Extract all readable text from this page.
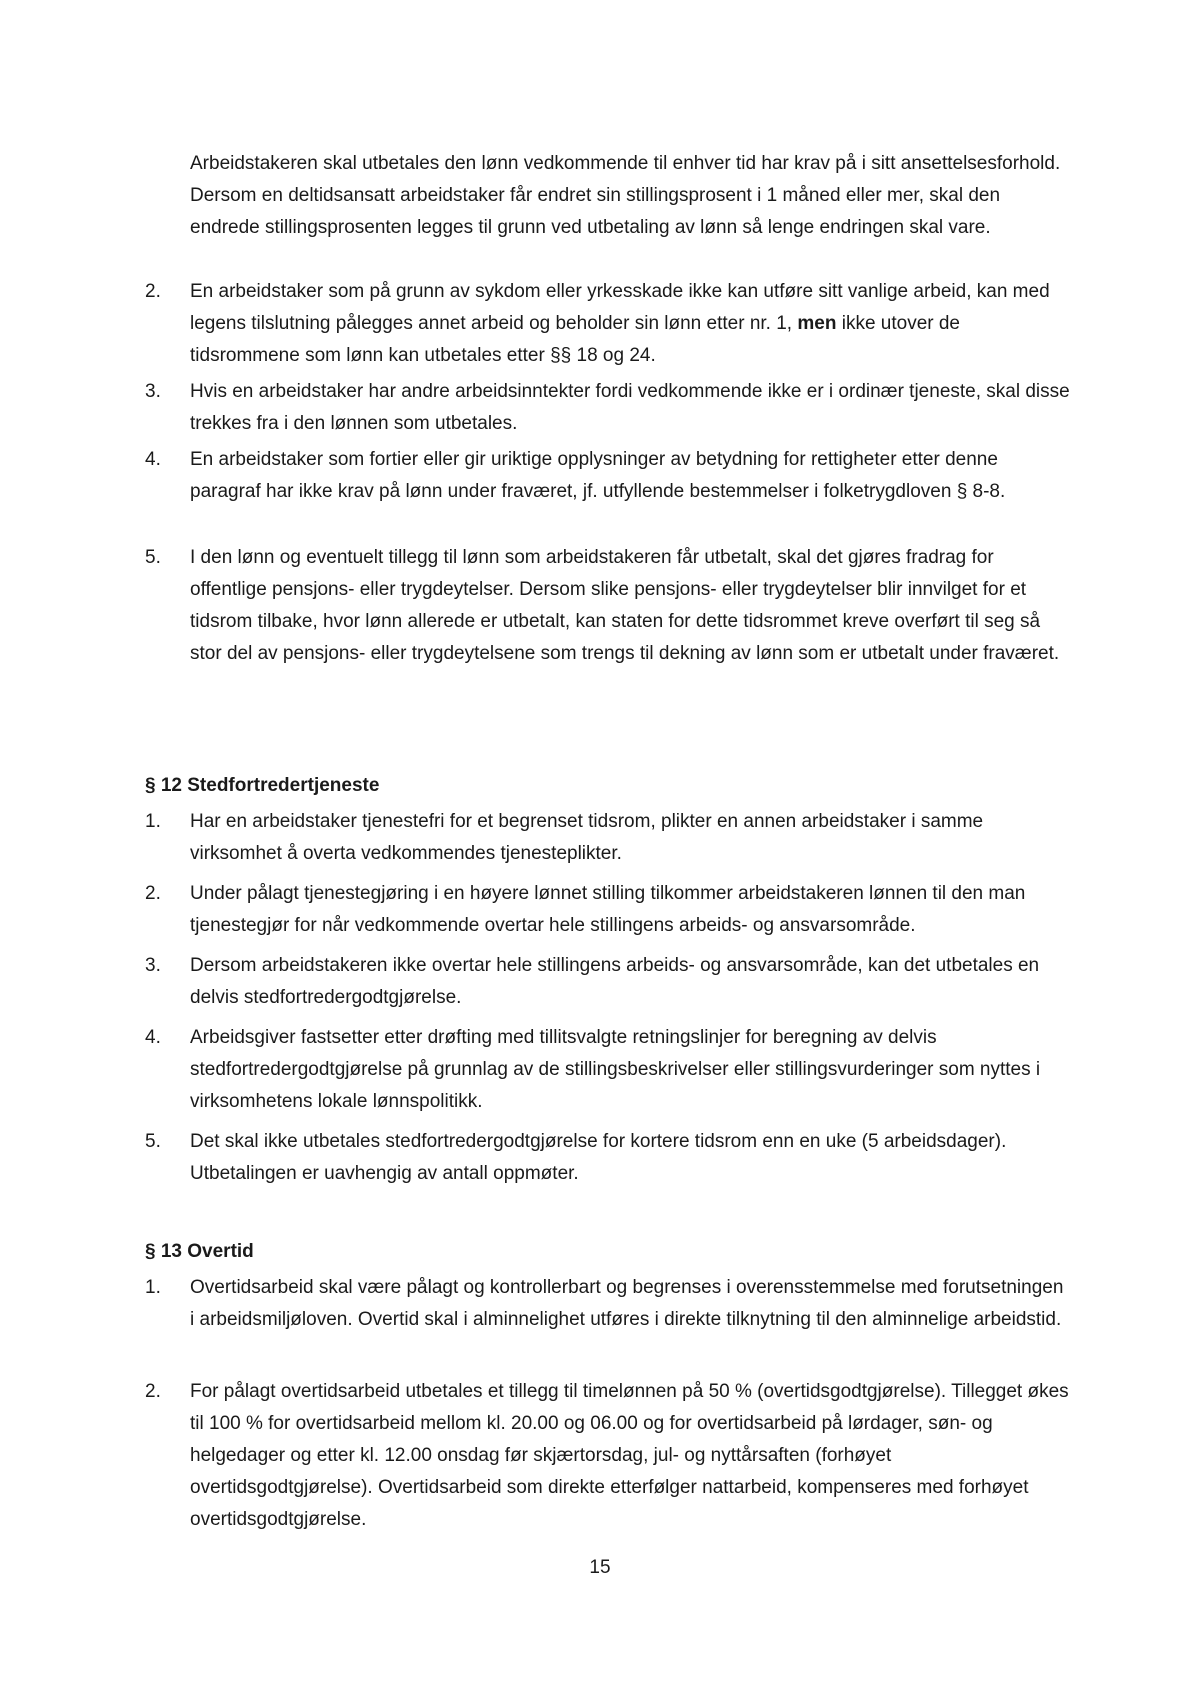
Arbeidstakeren skal utbetales den lønn vedkommende til enhver tid har krav på i sitt ansettelsesforhold. Dersom en deltidsansatt arbeidstaker får endret sin stillingsprosent i 1 måned eller mer, skal den endrede stillingsprosenten legges til grunn ved utbetaling av lønn så lenge endringen skal vare.

2.	En arbeidstaker som på grunn av sykdom eller yrkesskade ikke kan utføre sitt vanlige arbeid, kan med legens tilslutning pålegges annet arbeid og beholder sin lønn etter nr. 1, men ikke utover de tidsrommene som lønn kan utbetales etter §§ 18 og 24.

3.	Hvis en arbeidstaker har andre arbeidsinntekter fordi vedkommende ikke er i ordinær tjeneste, skal disse trekkes fra i den lønnen som utbetales.

4.	En arbeidstaker som fortier eller gir uriktige opplysninger av betydning for rettigheter etter denne paragraf har ikke krav på lønn under fraværet, jf. utfyllende bestemmelser i folketrygdloven § 8-8.

5.	I den lønn og eventuelt tillegg til lønn som arbeidstakeren får utbetalt, skal det gjøres fradrag for offentlige pensjons- eller trygdeytelser. Dersom slike pensjons- eller trygdeytelser blir innvilget for et tidsrom tilbake, hvor lønn allerede er utbetalt, kan staten for dette tidsrommet kreve overført til seg så stor del av pensjons- eller trygdeytelsene som trengs til dekning av lønn som er utbetalt under fraværet.

§ 12 Stedfortredertjeneste

1.	Har en arbeidstaker tjenestefri for et begrenset tidsrom, plikter en annen arbeidstaker i samme virksomhet å overta vedkommendes tjenesteplikter.

2.	Under pålagt tjenestegjøring i en høyere lønnet stilling tilkommer arbeidstakeren lønnen til den man tjenestegjør for når vedkommende overtar hele stillingens arbeids- og ansvarsområde.

3.	Dersom arbeidstakeren ikke overtar hele stillingens arbeids- og ansvarsområde, kan det utbetales en delvis stedfortredergodtgjørelse.

4.	Arbeidsgiver fastsetter etter drøfting med tillitsvalgte retningslinjer for beregning av delvis stedfortredergodtgjørelse på grunnlag av de stillingsbeskrivelser eller stillingsvurderinger som nyttes i virksomhetens lokale lønnspolitikk.

5.	Det skal ikke utbetales stedfortredergodtgjørelse for kortere tidsrom enn en uke (5 arbeidsdager). Utbetalingen er uavhengig av antall oppmøter.

§ 13 Overtid

1.	Overtidsarbeid skal være pålagt og kontrollerbart og begrenses i overensstemmelse med forutsetningen i arbeidsmiljøloven. Overtid skal i alminnelighet utføres i direkte tilknytning til den alminnelige arbeidstid.

2.	For pålagt overtidsarbeid utbetales et tillegg til timelønnen på 50 % (overtidsgodtgjørelse). Tillegget økes til 100 % for overtidsarbeid mellom kl. 20.00 og 06.00 og for overtidsarbeid på lørdager, søn- og helgedager og etter kl. 12.00 onsdag før skjærtorsdag, jul- og nyttårsaften (forhøyet overtidsgodtgjørelse). Overtidsarbeid som direkte etterfølger nattarbeid, kompenseres med forhøyet overtidsgodtgjørelse.

15
